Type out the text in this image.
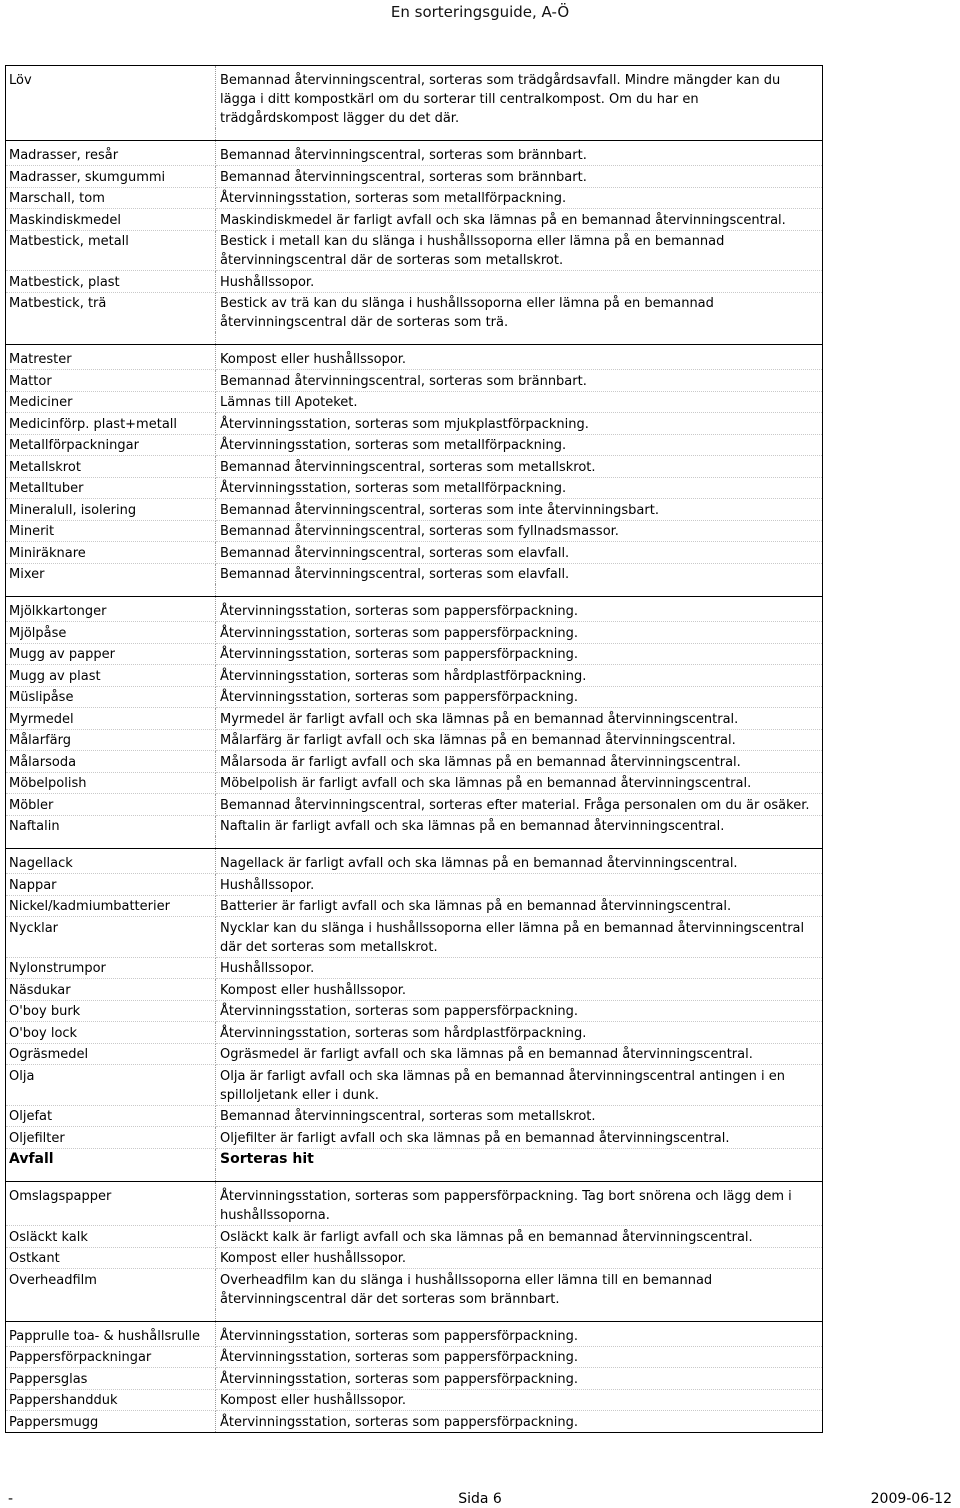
En sorteringsguide, A-Ö
Löv	Bemannad återvinningscentral, sorteras som trädgårdsavfall. Mindre mängder kan du lägga i ditt kompostkärl om du sorterar till centralkompost. Om du har en trädgårdskompost lägger du det där.

Madrasser, resår	Bemannad återvinningscentral, sorteras som brännbart.
Madrasser, skumgummi	Bemannad återvinningscentral, sorteras som brännbart.
Marschall, tom	Återvinningsstation, sorteras som metallförpackning.
Maskindiskmedel	Maskindiskmedel är farligt avfall och ska lämnas på en bemannad återvinningscentral.
Matbestick, metall	Bestick i metall kan du slänga i hushållssoporna eller lämna på en bemannad återvinningscentral där de sorteras som metallskrot.
Matbestick, plast	Hushållssopor.
Matbestick, trä	Bestick av trä kan du slänga i hushållssoporna eller lämna på en bemannad återvinningscentral där de sorteras som trä.

Matrester	Kompost eller hushållssopor.
Mattor	Bemannad återvinningscentral, sorteras som brännbart.
Mediciner	Lämnas till Apoteket.
Medicinförp. plast+metall	Återvinningsstation, sorteras som mjukplastförpackning.
Metallförpackningar	Återvinningsstation, sorteras som metallförpackning.
Metallskrot	Bemannad återvinningscentral, sorteras som metallskrot.
Metalltuber	Återvinningsstation, sorteras som metallförpackning.
Mineralull, isolering	Bemannad återvinningscentral, sorteras som inte återvinningsbart.
Minerit	Bemannad återvinningscentral, sorteras som fyllnadsmassor.
Miniräknare	Bemannad återvinningscentral, sorteras som elavfall.
Mixer	Bemannad återvinningscentral, sorteras som elavfall.

Mjölkkartonger	Återvinningsstation, sorteras som pappersförpackning.
Mjölpåse	Återvinningsstation, sorteras som pappersförpackning.
Mugg av papper	Återvinningsstation, sorteras som pappersförpackning.
Mugg av plast	Återvinningsstation, sorteras som hårdplastförpackning.
Müslipåse	Återvinningsstation, sorteras som pappersförpackning.
Myrmedel	Myrmedel är farligt avfall och ska lämnas på en bemannad återvinningscentral.
Målarfärg	Målarfärg är farligt avfall och ska lämnas på en bemannad återvinningscentral.
Målarsoda	Målarsoda är farligt avfall och ska lämnas på en bemannad återvinningscentral.
Möbelpolish	Möbelpolish är farligt avfall och ska lämnas på en bemannad återvinningscentral.
Möbler	Bemannad återvinningscentral, sorteras efter material. Fråga personalen om du är osäker.
Naftalin	Naftalin är farligt avfall och ska lämnas på en bemannad återvinningscentral.

Nagellack	Nagellack är farligt avfall och ska lämnas på en bemannad återvinningscentral.
Nappar	Hushållssopor.
Nickel/kadmiumbatterier	Batterier är farligt avfall och ska lämnas på en bemannad återvinningscentral.
Nycklar	Nycklar kan du slänga i hushållssoporna eller lämna på en bemannad återvinningscentral där det sorteras som metallskrot.
Nylonstrumpor	Hushållssopor.
Näsdukar	Kompost eller hushållssopor.
O'boy burk	Återvinningsstation, sorteras som pappersförpackning.
O'boy lock	Återvinningsstation, sorteras som hårdplastförpackning.
Ogräsmedel	Ogräsmedel är farligt avfall och ska lämnas på en bemannad återvinningscentral.
Olja	Olja är farligt avfall och ska lämnas på en bemannad återvinningscentral antingen i en spilloljetank eller i dunk.
Oljefat	Bemannad återvinningscentral, sorteras som metallskrot.
Oljefilter	Oljefilter är farligt avfall och ska lämnas på en bemannad återvinningscentral.
Avfall	Sorteras hit

Omslagspapper	Återvinningsstation, sorteras som pappersförpackning. Tag bort snörena och lägg dem i hushållssoporna.
Osläckt kalk	Osläckt kalk är farligt avfall och ska lämnas på en bemannad återvinningscentral.
Ostkant	Kompost eller hushållssopor.
Overheadfilm	Overheadfilm kan du slänga i hushållssoporna eller lämna till en bemannad återvinningscentral där det sorteras som brännbart.

Papprulle toa- & hushållsrulle	Återvinningsstation, sorteras som pappersförpackning.
Pappersförpackningar	Återvinningsstation, sorteras som pappersförpackning.
Pappersglas	Återvinningsstation, sorteras som pappersförpackning.
Pappershandduk	Kompost eller hushållssopor.
Pappersmugg	Återvinningsstation, sorteras som pappersförpackning.
-	Sida 6	2009-06-12
